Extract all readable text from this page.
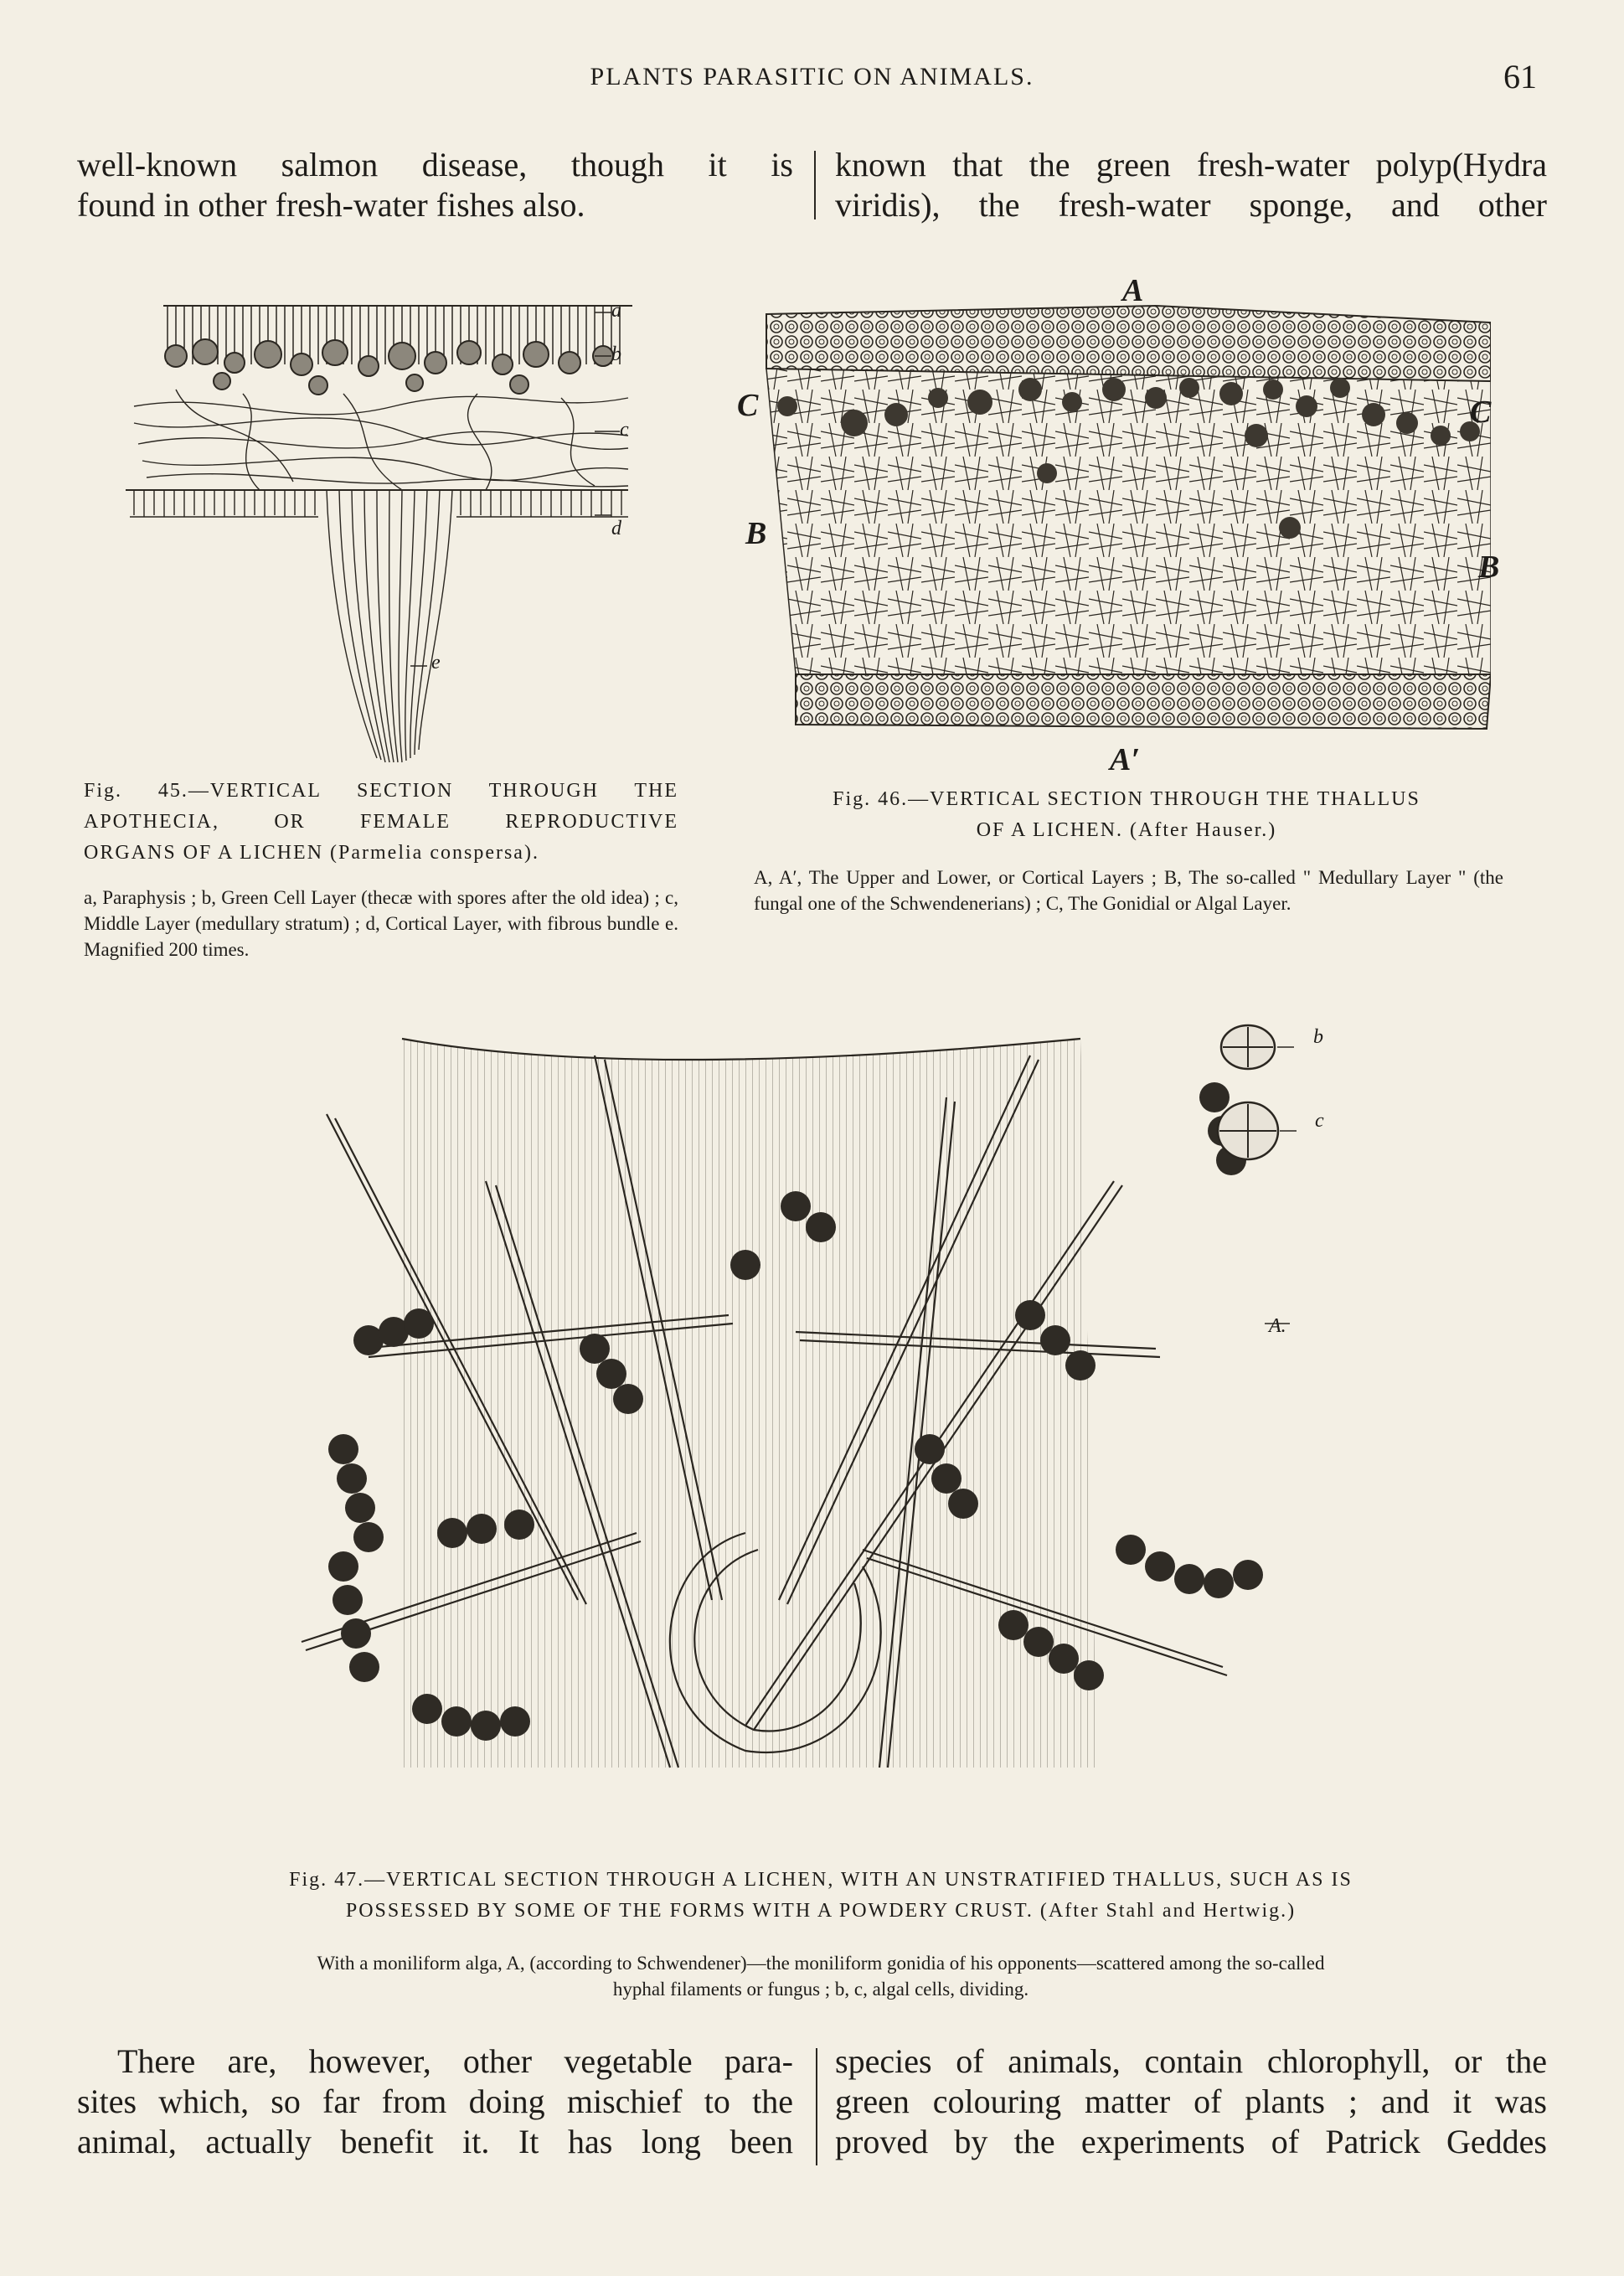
PLANTS PARASITIC ON ANIMALS.	61
well-known salmon disease, though it is
found in other fresh-water fishes also.
known that the green fresh-water polyp(Hydra
viridis), the fresh-water sponge, and other
a
b
c
d
e
Fig. 45.—VERTICAL SECTION THROUGH THE
APOTHECIA, OR FEMALE REPRODUCTIVE
ORGANS OF A LICHEN (Parmelia conspersa).
a, Paraphysis ; b, Green Cell Layer (thecæ with spores after the old idea) ; c, Middle Layer (medullary stratum) ; d, Cortical Layer, with fibrous bundle e. Magnified 200 times.
A
C	C
B
B
A′
Fig. 46.—VERTICAL SECTION THROUGH THE THALLUS
OF A LICHEN. (After Hauser.)
A, A′, The Upper and Lower, or Cortical Layers ; B, The so-called " Medullary Layer " (the fungal one of the Schwendenerians) ; C, The Gonidial or Algal Layer.
b
c
A.
Fig. 47.—VERTICAL SECTION THROUGH A LICHEN, WITH AN UNSTRATIFIED THALLUS, SUCH AS IS
POSSESSED BY SOME OF THE FORMS WITH A POWDERY CRUST. (After Stahl and Hertwig.)
With a moniliform alga, A, (according to Schwendener)—the moniliform gonidia of his opponents—scattered among the so-called
hyphal filaments or fungus ; b, c, algal cells, dividing.
There are, however, other vegetable para-
sites which, so far from doing mischief to the
animal, actually benefit it. It has long been
species of animals, contain chlorophyll, or the
green colouring matter of plants ; and it was
proved by the experiments of Patrick Geddes
